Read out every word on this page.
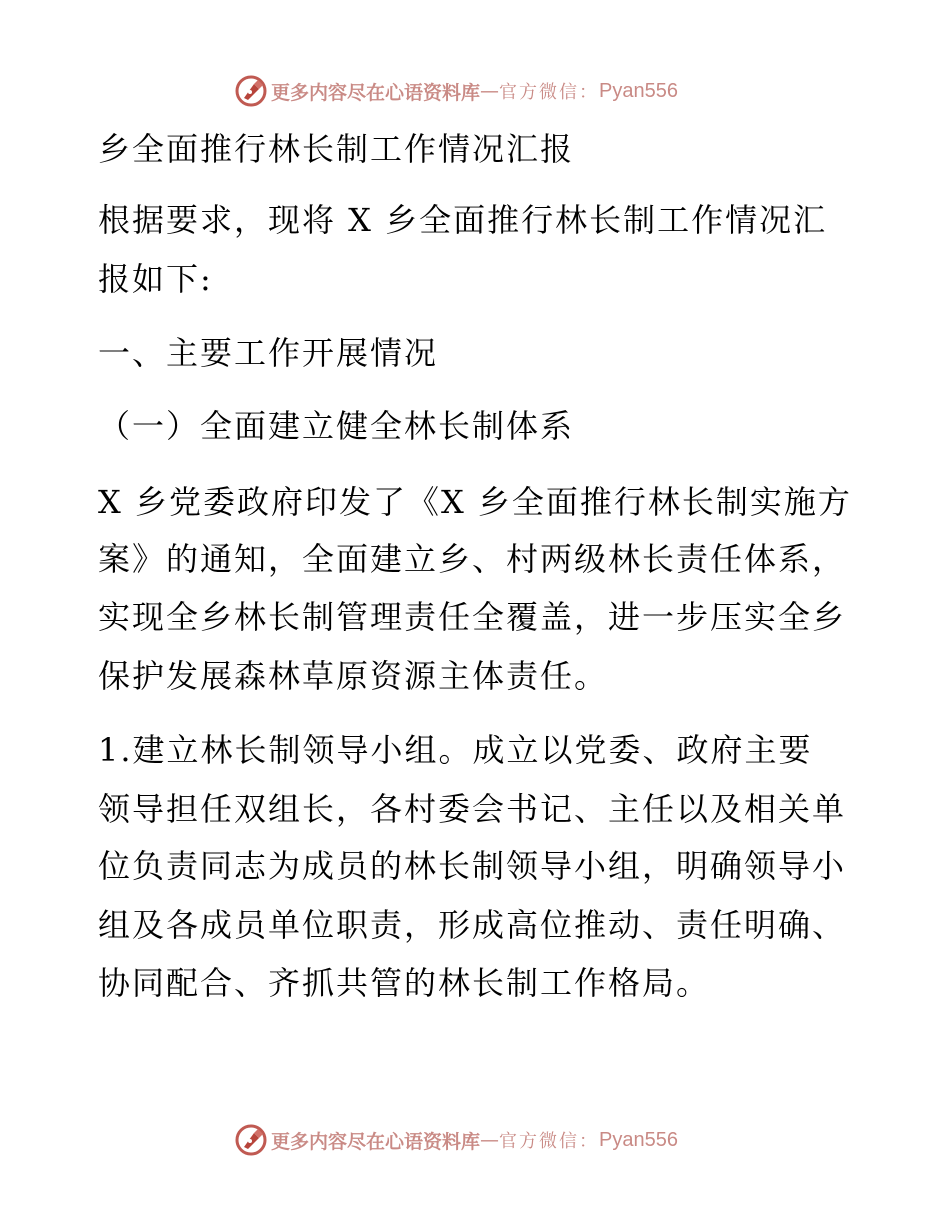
更多内容尽在心语资料库 — 官方微信： Pyan556
乡全面推行林长制工作情况汇报
根据要求，现将 X 乡全面推行林长制工作情况汇
报如下:
一、主要工作开展情况
（一）全面建立健全林长制体系
X 乡党委政府印发了《X 乡全面推行林长制实施方
案》的通知，全面建立乡、村两级林长责任体系，
实现全乡林长制管理责任全覆盖，进一步压实全乡
保护发展森林草原资源主体责任。
1.建立林长制领导小组。成立以党委、政府主要
领导担任双组长，各村委会书记、主任以及相关单
位负责同志为成员的林长制领导小组，明确领导小
组及各成员单位职责，形成高位推动、责任明确、
协同配合、齐抓共管的林长制工作格局。
更多内容尽在心语资料库 — 官方微信： Pyan556
